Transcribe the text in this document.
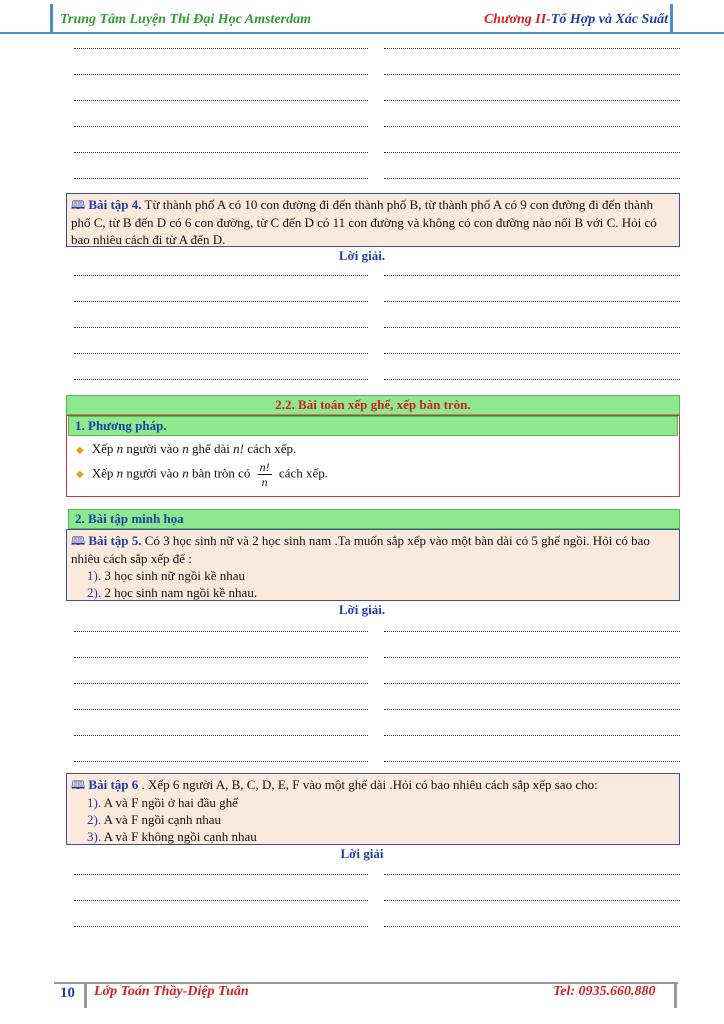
Trung Tâm Luyện Thi Đại Học Amsterdam	Chương II-Tổ Hợp và Xác Suất
🕮 Bài tập 4. Từ thành phố A có 10 con đường đi đến thành phố B, từ thành phố A có 9 con đường đi đến thành phố C, từ B đến D có 6 con đường, từ C đến D có 11 con đường và không có con đường nào nối B với C. Hỏi có bao nhiêu cách đi từ A đến D.
Lời giải.
2.2. Bài toán xếp ghế, xếp bàn tròn.
1. Phương pháp.
◆ Xếp n người vào n ghế dài n! cách xếp.
◆ Xếp n người vào n bàn tròn có $\frac{n!}{n}$ cách xếp.
2. Bài tập minh họa
🕮 Bài tập 5. Có 3 học sinh nữ và 2 học sinh nam .Ta muốn sắp xếp vào một bàn dài có 5 ghế ngồi. Hỏi có bao nhiêu cách sắp xếp để :
1). 3 học sinh nữ ngồi kề nhau
2). 2 học sinh nam ngồi kề nhau.
Lời giải.
🕮 Bài tập 6 . Xếp 6 người A, B, C, D, E, F vào một ghế dài .Hỏi có bao nhiêu cách sắp xếp sao cho:
1). A và F ngồi ở hai đầu ghế
2). A và F ngồi cạnh nhau
3). A và F không ngồi cạnh nhau
Lời giải
10 Lớp Toán Thầy-Diệp Tuân	Tel: 0935.660.880
